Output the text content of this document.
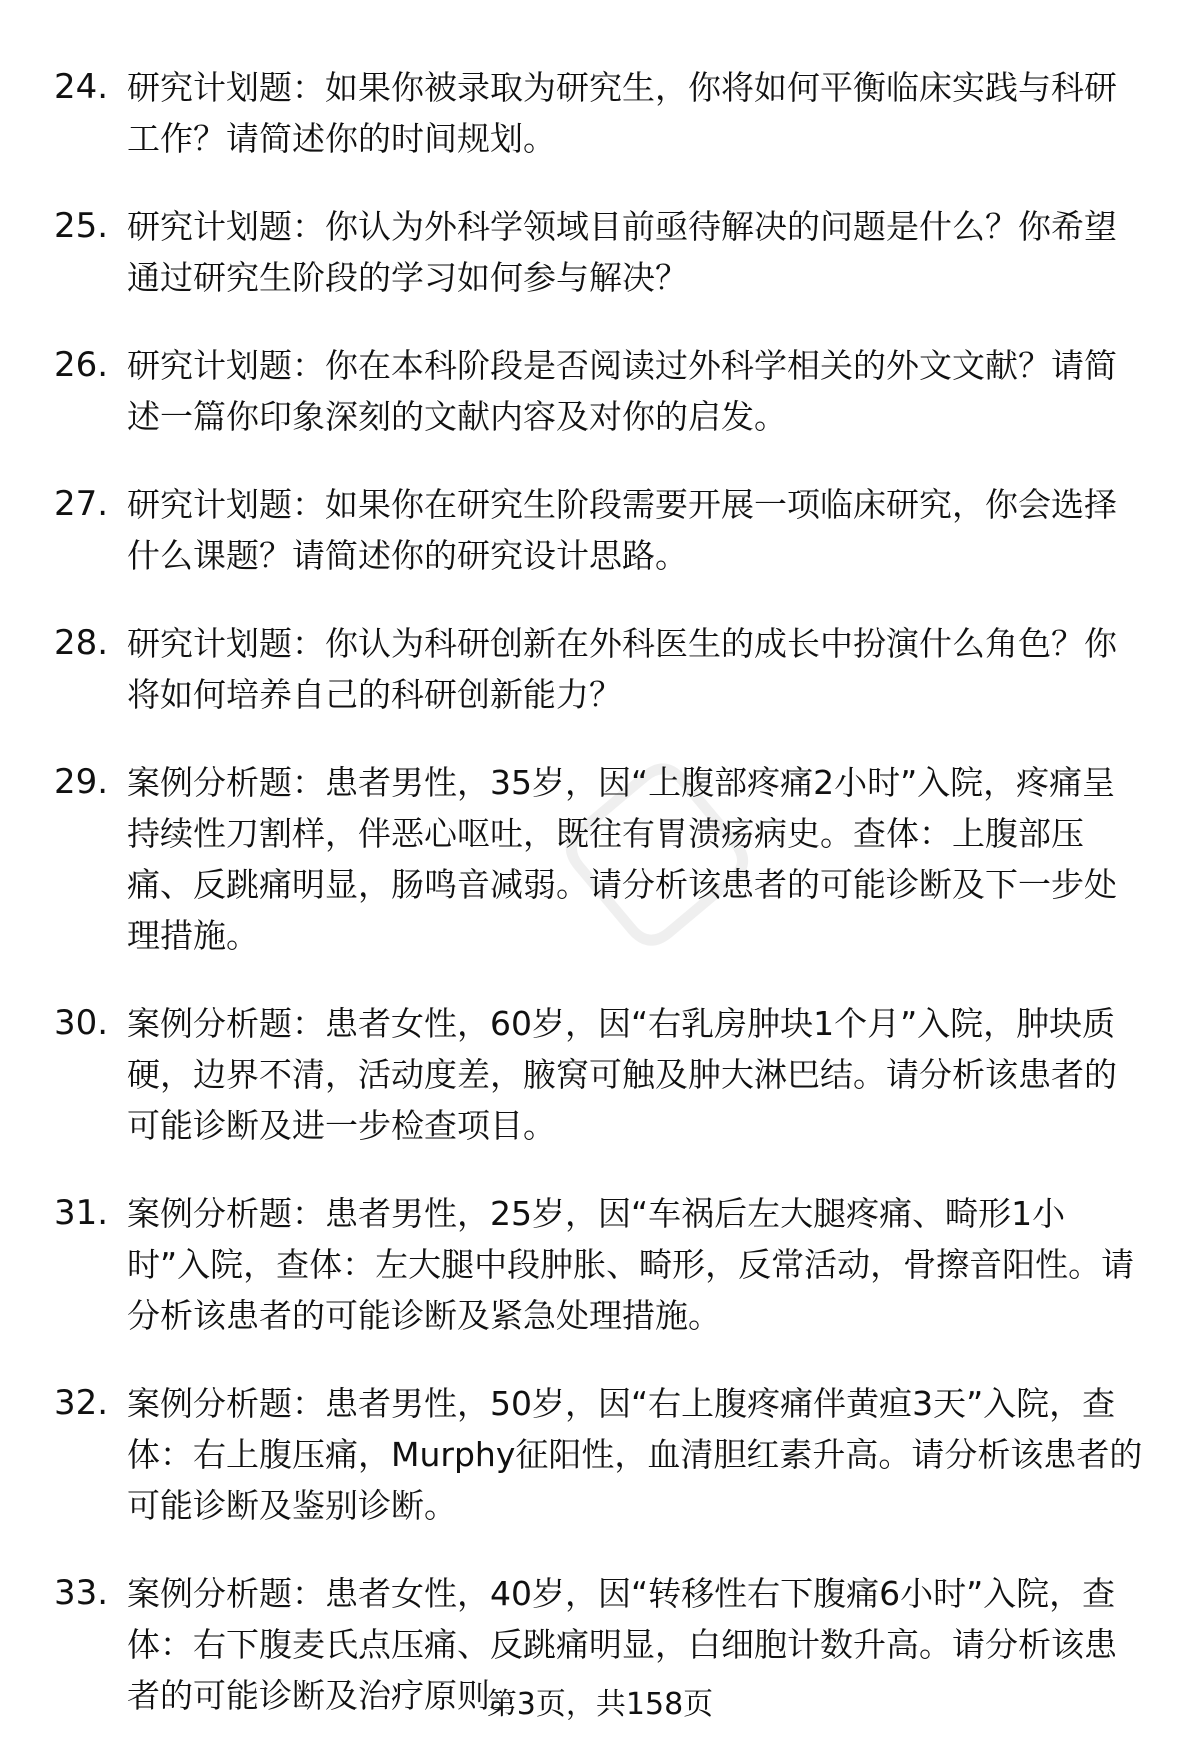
▢
24. 研究计划题：如果你被录取为研究生，你将如何平衡临床实践与科研工作？请简述你的时间规划。
25. 研究计划题：你认为外科学领域目前亟待解决的问题是什么？你希望通过研究生阶段的学习如何参与解决？
26. 研究计划题：你在本科阶段是否阅读过外科学相关的外文文献？请简述一篇你印象深刻的文献内容及对你的启发。
27. 研究计划题：如果你在研究生阶段需要开展一项临床研究，你会选择什么课题？请简述你的研究设计思路。
28. 研究计划题：你认为科研创新在外科医生的成长中扮演什么角色？你将如何培养自己的科研创新能力？
29. 案例分析题：患者男性，35岁，因“上腹部疼痛2小时”入院，疼痛呈持续性刀割样，伴恶心呕吐，既往有胃溃疡病史。查体：上腹部压痛、反跳痛明显，肠鸣音减弱。请分析该患者的可能诊断及下一步处理措施。
30. 案例分析题：患者女性，60岁，因“右乳房肿块1个月”入院，肿块质硬，边界不清，活动度差，腋窝可触及肿大淋巴结。请分析该患者的可能诊断及进一步检查项目。
31. 案例分析题：患者男性，25岁，因“车祸后左大腿疼痛、畸形1小时”入院，查体：左大腿中段肿胀、畸形，反常活动，骨擦音阳性。请分析该患者的可能诊断及紧急处理措施。
32. 案例分析题：患者男性，50岁，因“右上腹疼痛伴黄疸3天”入院，查体：右上腹压痛，Murphy征阳性，血清胆红素升高。请分析该患者的可能诊断及鉴别诊断。
33. 案例分析题：患者女性，40岁，因“转移性右下腹痛6小时”入院，查体：右下腹麦氏点压痛、反跳痛明显，白细胞计数升高。请分析该患者的可能诊断及治疗原则。
第3页，共158页
